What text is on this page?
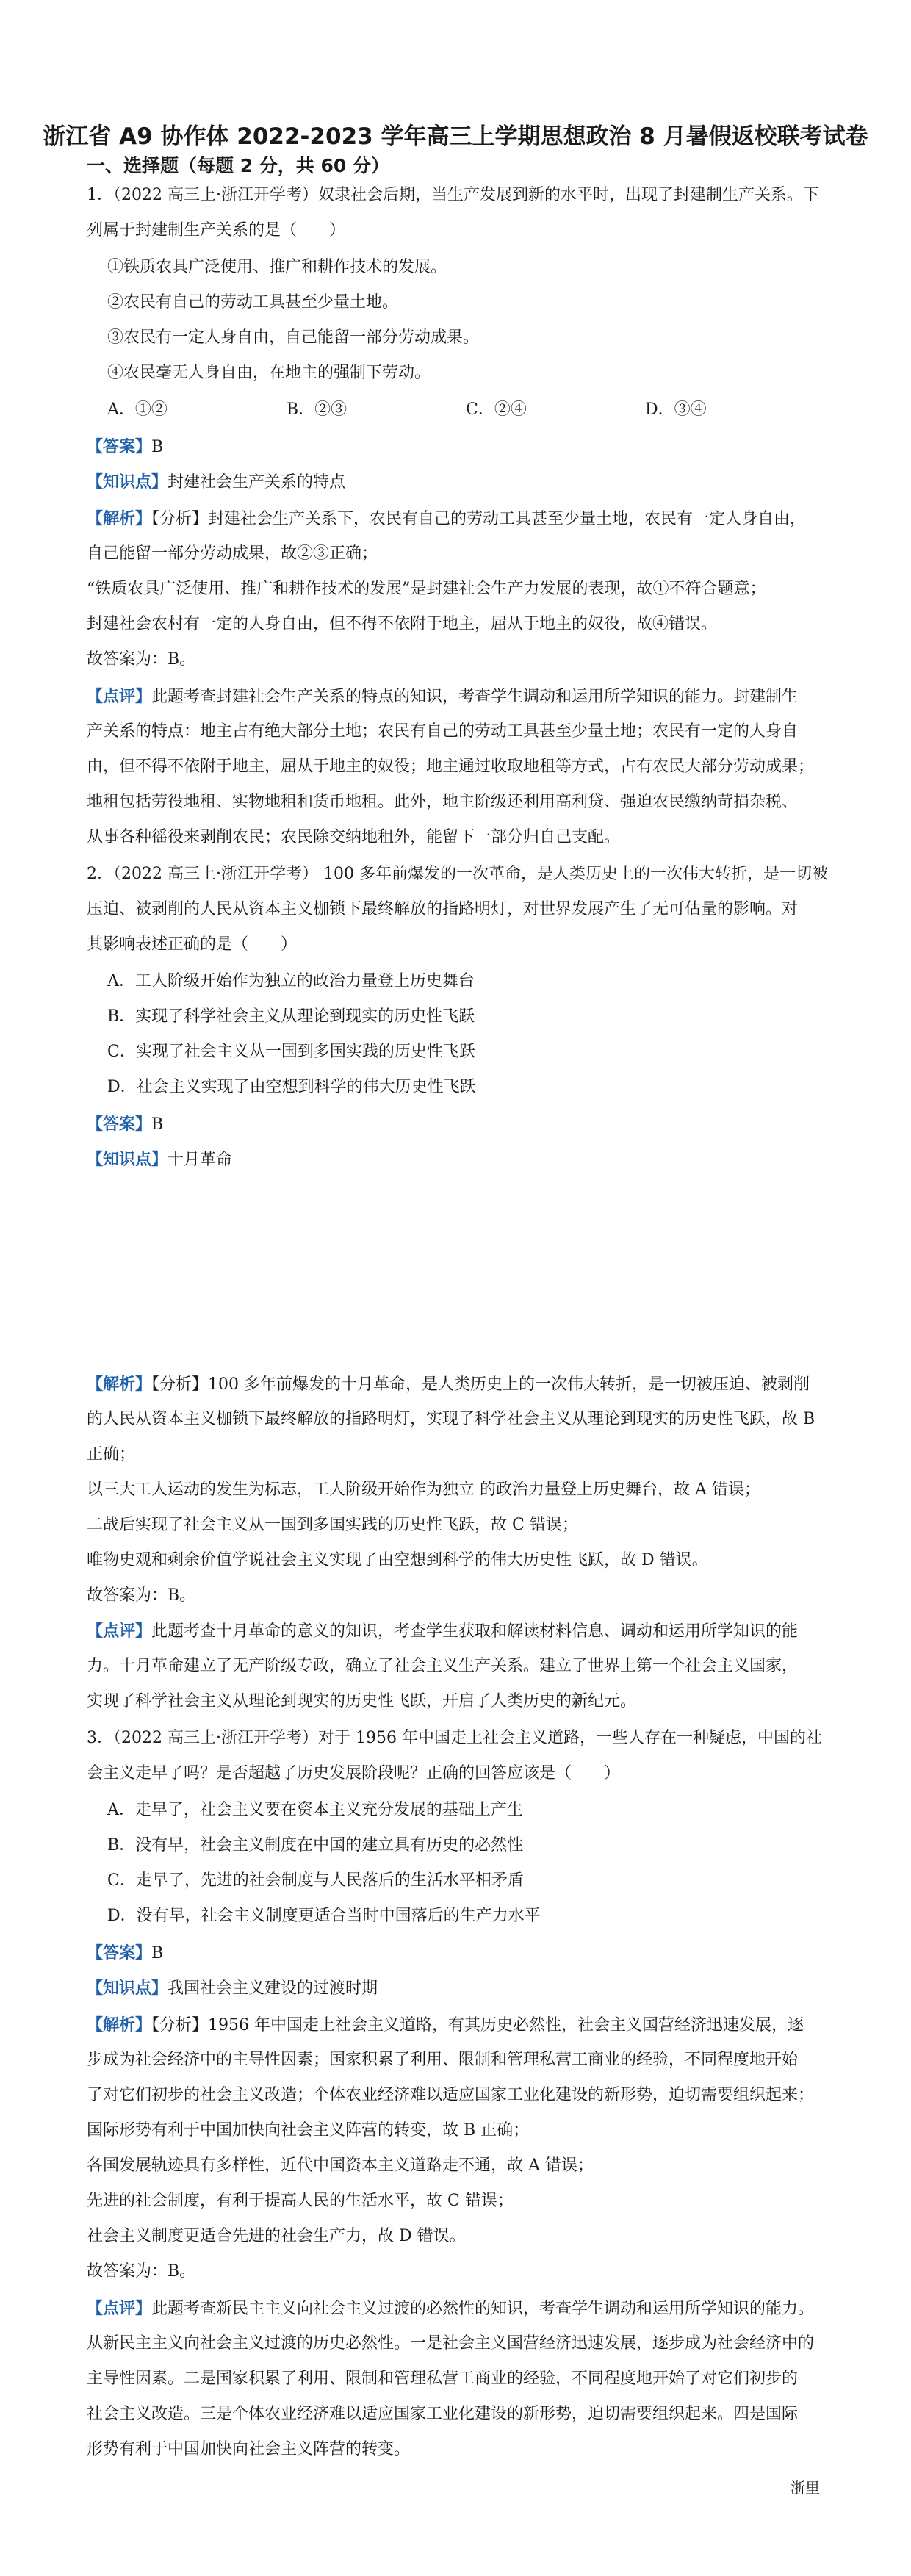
浙江省 A9 协作体 2022-2023 学年高三上学期思想政治 8 月暑假返校联考试卷
一、选择题（每题 2 分，共 60 分）
1．（2022 高三上·浙江开学考）奴隶社会后期，当生产发展到新的水平时，出现了封建制生产关系。下
列属于封建制生产关系的是（　　）
①铁质农具广泛使用、推广和耕作技术的发展。
②农民有自己的劳动工具甚至少量土地。
③农民有一定人身自由，自己能留一部分劳动成果。
④农民毫无人身自由，在地主的强制下劳动。
A．①②	B．②③	C．②④	D．③④
【答案】B
【知识点】封建社会生产关系的特点
【解析】【分析】封建社会生产关系下，农民有自己的劳动工具甚至少量土地，农民有一定人身自由，
自己能留一部分劳动成果，故②③正确；
“铁质农具广泛使用、推广和耕作技术的发展”是封建社会生产力发展的表现，故①不符合题意；
封建社会农村有一定的人身自由，但不得不依附于地主，屈从于地主的奴役，故④错误。
故答案为：B。
【点评】此题考查封建社会生产关系的特点的知识，考查学生调动和运用所学知识的能力。封建制生
产关系的特点：地主占有绝大部分土地；农民有自己的劳动工具甚至少量土地；农民有一定的人身自
由，但不得不依附于地主，屈从于地主的奴役；地主通过收取地租等方式，占有农民大部分劳动成果；
地租包括劳役地租、实物地租和货币地租。此外，地主阶级还利用高利贷、强迫农民缴纳苛捐杂税、
从事各种徭役来剥削农民；农民除交纳地租外，能留下一部分归自己支配。
2．（2022 高三上·浙江开学考） 100 多年前爆发的一次革命，是人类历史上的一次伟大转折，是一切被
压迫、被剥削的人民从资本主义枷锁下最终解放的指路明灯，对世界发展产生了无可估量的影响。对
其影响表述正确的是（　　）
A．工人阶级开始作为独立的政治力量登上历史舞台
B．实现了科学社会主义从理论到现实的历史性飞跃
C．实现了社会主义从一国到多国实践的历史性飞跃
D．社会主义实现了由空想到科学的伟大历史性飞跃
【答案】B
【知识点】十月革命
【解析】【分析】100 多年前爆发的十月革命，是人类历史上的一次伟大转折，是一切被压迫、被剥削
的人民从资本主义枷锁下最终解放的指路明灯，实现了科学社会主义从理论到现实的历史性飞跃，故 B
正确；
以三大工人运动的发生为标志，工人阶级开始作为独立 的政治力量登上历史舞台，故 A 错误；
二战后实现了社会主义从一国到多国实践的历史性飞跃，故 C 错误；
唯物史观和剩余价值学说社会主义实现了由空想到科学的伟大历史性飞跃，故 D 错误。
故答案为：B。
【点评】此题考查十月革命的意义的知识，考查学生获取和解读材料信息、调动和运用所学知识的能
力。十月革命建立了无产阶级专政，确立了社会主义生产关系。建立了世界上第一个社会主义国家，
实现了科学社会主义从理论到现实的历史性飞跃，开启了人类历史的新纪元。
3．（2022 高三上·浙江开学考）对于 1956 年中国走上社会主义道路，一些人存在一种疑虑，中国的社
会主义走早了吗？是否超越了历史发展阶段呢？正确的回答应该是（　　）
A．走早了，社会主义要在资本主义充分发展的基础上产生
B．没有早，社会主义制度在中国的建立具有历史的必然性
C．走早了，先进的社会制度与人民落后的生活水平相矛盾
D．没有早，社会主义制度更适合当时中国落后的生产力水平
【答案】B
【知识点】我国社会主义建设的过渡时期
【解析】【分析】1956 年中国走上社会主义道路，有其历史必然性，社会主义国营经济迅速发展，逐
步成为社会经济中的主导性因素；国家积累了利用、限制和管理私营工商业的经验，不同程度地开始
了对它们初步的社会主义改造；个体农业经济难以适应国家工业化建设的新形势，迫切需要组织起来；
国际形势有利于中国加快向社会主义阵营的转变，故 B 正确；
各国发展轨迹具有多样性，近代中国资本主义道路走不通，故 A 错误；
先进的社会制度，有利于提高人民的生活水平，故 C 错误；
社会主义制度更适合先进的社会生产力，故 D 错误。
故答案为：B。
【点评】此题考查新民主主义向社会主义过渡的必然性的知识，考查学生调动和运用所学知识的能力。
从新民主主义向社会主义过渡的历史必然性。一是社会主义国营经济迅速发展，逐步成为社会经济中的
主导性因素。二是国家积累了利用、限制和管理私营工商业的经验，不同程度地开始了对它们初步的
社会主义改造。三是个体农业经济难以适应国家工业化建设的新形势，迫切需要组织起来。四是国际
形势有利于中国加快向社会主义阵营的转变。
浙里
